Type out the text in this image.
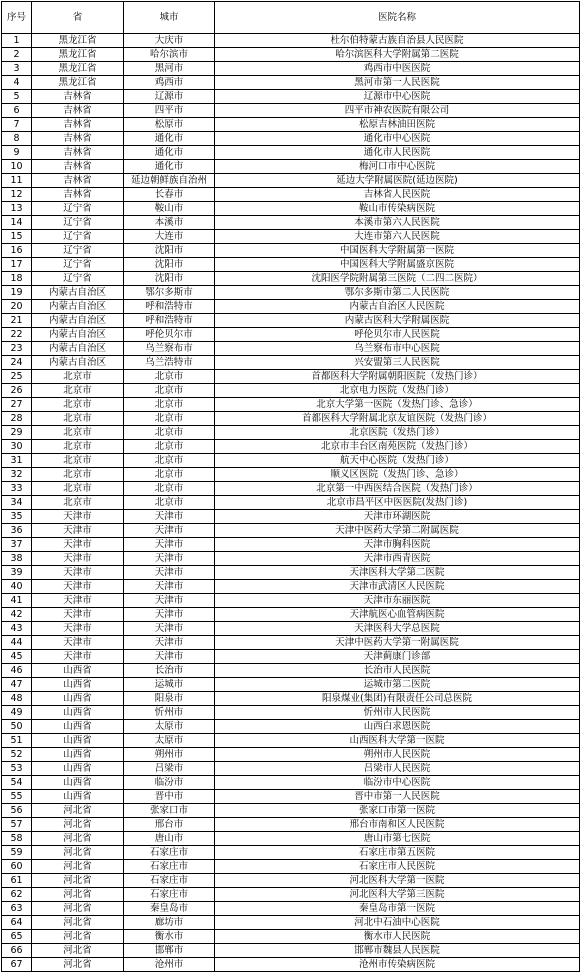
序号	省	城市	医院名称
1	黑龙江省	大庆市	杜尔伯特蒙古族自治县人民医院
2	黑龙江省	哈尔滨市	哈尔滨医科大学附属第二医院
3	黑龙江省	黑河市	鸡西市中医医院
4	黑龙江省	鸡西市	黑河市第一人民医院
5	吉林省	辽源市	辽源市中心医院
6	吉林省	四平市	四平市神农医院有限公司
7	吉林省	松原市	松原吉林油田医院
8	吉林省	通化市	通化市中心医院
9	吉林省	通化市	通化市人民医院
10	吉林省	通化市	梅河口市中心医院
11	吉林省	延边朝鲜族自治州	延边大学附属医院(延边医院)
12	吉林省	长春市	吉林省人民医院
13	辽宁省	鞍山市	鞍山市传染病医院
14	辽宁省	本溪市	本溪市第六人民医院
15	辽宁省	大连市	大连市第六人民医院
16	辽宁省	沈阳市	中国医科大学附属第一医院
17	辽宁省	沈阳市	中国医科大学附属盛京医院
18	辽宁省	沈阳市	沈阳医学院附属第三医院（二四二医院）
19	内蒙古自治区	鄂尔多斯市	鄂尔多斯市第二人民医院
20	内蒙古自治区	呼和浩特市	内蒙古自治区人民医院
21	内蒙古自治区	呼和浩特市	内蒙古医科大学附属医院
22	内蒙古自治区	呼伦贝尔市	呼伦贝尔市人民医院
23	内蒙古自治区	乌兰察布市	乌兰察布市中心医院
24	内蒙古自治区	乌兰浩特市	兴安盟第三人民医院
25	北京市	北京市	首都医科大学附属朝阳医院（发热门诊）
26	北京市	北京市	北京电力医院（发热门诊）
27	北京市	北京市	北京大学第一医院（发热门诊、急诊）
28	北京市	北京市	首都医科大学附属北京友谊医院（发热门诊）
29	北京市	北京市	北京医院（发热门诊）
30	北京市	北京市	北京市丰台区南苑医院（发热门诊）
31	北京市	北京市	航天中心医院（发热门诊）
32	北京市	北京市	顺义区医院（发热门诊、急诊）
33	北京市	北京市	北京第一中西医结合医院（发热门诊）
34	北京市	北京市	北京市昌平区中医医院(发热门诊)
35	天津市	天津市	天津市环湖医院
36	天津市	天津市	天津中医药大学第二附属医院
37	天津市	天津市	天津市胸科医院
38	天津市	天津市	天津市西青医院
39	天津市	天津市	天津医科大学第二医院
40	天津市	天津市	天津市武清区人民医院
41	天津市	天津市	天津市东丽医院
42	天津市	天津市	天津航医心血管病医院
43	天津市	天津市	天津医科大学总医院
44	天津市	天津市	天津中医药大学第一附属医院
45	天津市	天津市	天津蓟康门诊部
46	山西省	长治市	长治市人民医院
47	山西省	运城市	运城市第二医院
48	山西省	阳泉市	阳泉煤业(集团)有限责任公司总医院
49	山西省	忻州市	忻州市人民医院
50	山西省	太原市	山西白求恩医院
51	山西省	太原市	山西医科大学第一医院
52	山西省	朔州市	朔州市人民医院
53	山西省	吕梁市	吕梁市人民医院
54	山西省	临汾市	临汾市中心医院
55	山西省	晋中市	晋中市第一人民医院
56	河北省	张家口市	张家口市第一医院
57	河北省	邢台市	邢台市南和区人民医院
58	河北省	唐山市	唐山市第七医院
59	河北省	石家庄市	石家庄市第五医院
60	河北省	石家庄市	石家庄市人民医院
61	河北省	石家庄市	河北医科大学第一医院
62	河北省	石家庄市	河北医科大学第三医院
63	河北省	秦皇岛市	秦皇岛市第一医院
64	河北省	廊坊市	河北中石油中心医院
65	河北省	衡水市	衡水市人民医院
66	河北省	邯郸市	邯郸市魏县人民医院
67	河北省	沧州市	沧州市传染病医院
